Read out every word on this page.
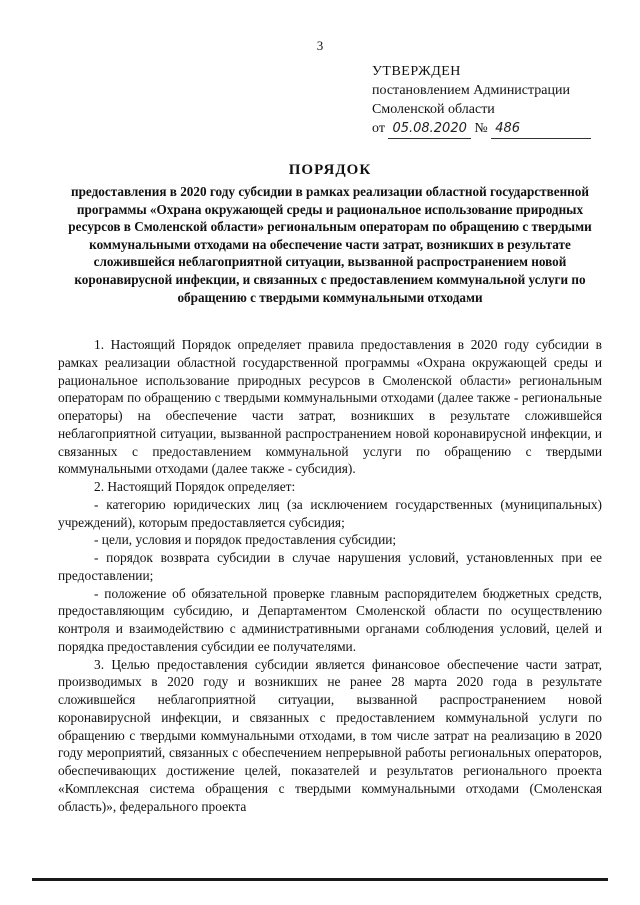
3
УТВЕРЖДЕН
постановлением Администрации
Смоленской области
от 05.08.2020 № 486
ПОРЯДОК
предоставления в 2020 году субсидии в рамках реализации областной государственной программы «Охрана окружающей среды и рациональное использование природных ресурсов в Смоленской области» региональным операторам по обращению с твердыми коммунальными отходами на обеспечение части затрат, возникших в результате сложившейся неблагоприятной ситуации, вызванной распространением новой коронавирусной инфекции, и связанных с предоставлением коммунальной услуги по обращению с твердыми коммунальными отходами

1. Настоящий Порядок определяет правила предоставления в 2020 году субсидии в рамках реализации областной государственной программы «Охрана окружающей среды и рациональное использование природных ресурсов в Смоленской области» региональным операторам по обращению с твердыми коммунальными отходами (далее также - региональные операторы) на обеспечение части затрат, возникших в результате сложившейся неблагоприятной ситуации, вызванной распространением новой коронавирусной инфекции, и связанных с предоставлением коммунальной услуги по обращению с твердыми коммунальными отходами (далее также - субсидия).

2. Настоящий Порядок определяет:

- категорию юридических лиц (за исключением государственных (муниципальных) учреждений), которым предоставляется субсидия;

- цели, условия и порядок предоставления субсидии;

- порядок возврата субсидии в случае нарушения условий, установленных при ее предоставлении;

- положение об обязательной проверке главным распорядителем бюджетных средств, предоставляющим субсидию, и Департаментом Смоленской области по осуществлению контроля и взаимодействию с административными органами соблюдения условий, целей и порядка предоставления субсидии ее получателями.

3. Целью предоставления субсидии является финансовое обеспечение части затрат, производимых в 2020 году и возникших не ранее 28 марта 2020 года в результате сложившейся неблагоприятной ситуации, вызванной распространением новой коронавирусной инфекции, и связанных с предоставлением коммунальной услуги по обращению с твердыми коммунальными отходами, в том числе затрат на реализацию в 2020 году мероприятий, связанных с обеспечением непрерывной работы региональных операторов, обеспечивающих достижение целей, показателей и результатов регионального проекта «Комплексная система обращения с твердыми коммунальными отходами (Смоленская область)», федерального проекта
